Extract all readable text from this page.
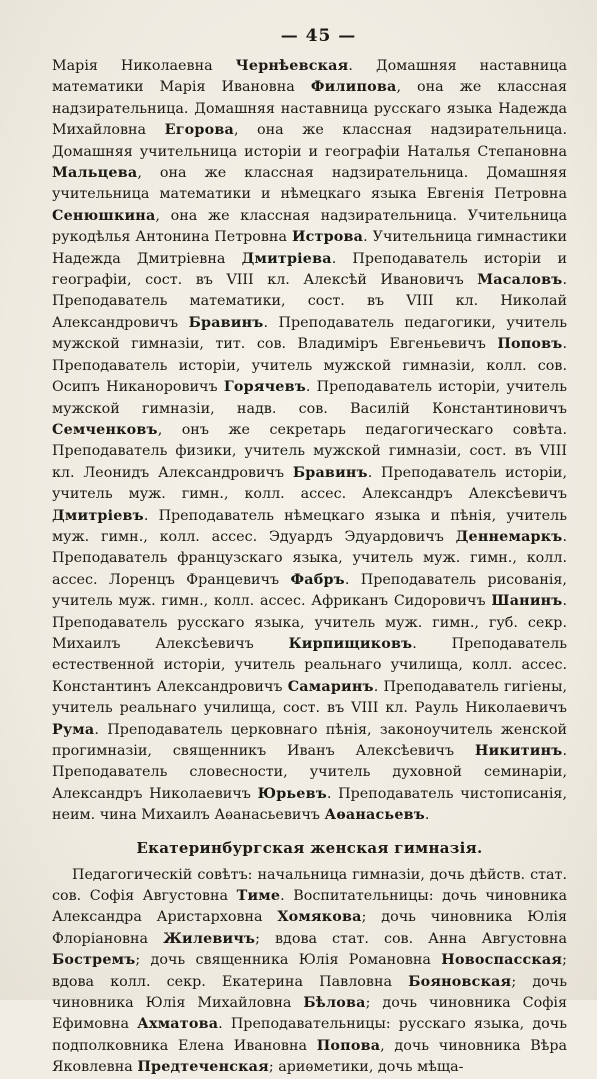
— 45 —

Марія Николаевна Чернѣевская. Домашняя наставница математики Марія Ивановна Филипова, она же классная надзирательница. Домашняя наставница русскаго языка Надежда Михайловна Егорова, она же классная надзирательница. Домашняя учительница исторіи и географіи Наталья Степановна Мальцева, она же классная надзирательница. Домашняя учительница математики и нѣмецкаго языка Евгенія Петровна Сенюшкина, она же классная надзирательница. Учительница рукодѣлья Антонина Петровна Истрова. Учительница гимнастики Надежда Дмитріевна Дмитріева. Преподаватель исторіи и географіи, сост. въ VIII кл. Алексѣй Ивановичъ Масаловъ. Преподаватель математики, сост. въ VIII кл. Николай Александровичъ Бравинъ. Преподаватель педагогики, учитель мужской гимназіи, тит. сов. Владиміръ Евгеньевичъ Поповъ. Преподаватель исторіи, учитель мужской гимназіи, колл. сов. Осипъ Никаноровичъ Горячевъ. Преподаватель исторіи, учитель мужской гимназіи, надв. сов. Василій Константиновичъ Семченковъ, онъ же секретарь педагогическаго совѣта. Преподаватель физики, учитель мужской гимназіи, сост. въ VIII кл. Леонидъ Александровичъ Бравинъ. Преподаватель исторіи, учитель муж. гимн., колл. ассес. Александръ Алексѣевичъ Дмитріевъ. Преподаватель нѣмецкаго языка и пѣнія, учитель муж. гимн., колл. ассес. Эдуардъ Эдуардовичъ Деннемаркъ. Преподаватель французскаго языка, учитель муж. гимн., колл. ассес. Лоренцъ Францевичъ Фабръ. Преподаватель рисованія, учитель муж. гимн., колл. ассес. Африканъ Сидоровичъ Шанинъ. Преподаватель русскаго языка, учитель муж. гимн., губ. секр. Михаилъ Алексѣевичъ Кирпищиковъ. Преподаватель естественной исторіи, учитель реальнаго училища, колл. ассес. Константинъ Александровичъ Самаринъ. Преподаватель гигіены, учитель реальнаго училища, сост. въ VIII кл. Рауль Николаевичъ Рума. Преподаватель церковнаго пѣнія, законоучитель женской прогимназіи, священникъ Иванъ Алексѣевичъ Никитинъ. Преподаватель словесности, учитель духовной семинаріи, Александръ Николаевичъ Юрьевъ. Преподаватель чистописанія, неим. чина Михаилъ Аѳанасьевичъ Аѳанасьевъ.

Екатеринбургская женская гимназія.

Педагогическій совѣтъ: начальница гимназіи, дочь дѣйств. стат. сов. Софія Августовна Тиме. Воспитательницы: дочь чиновника Александра Аристарховна Хомякова; дочь чиновника Юлія Флоріановна Жилевичъ; вдова стат. сов. Анна Августовна Бостремъ; дочь священника Юлія Романовна Новоспасская; вдова колл. секр. Екатерина Павловна Бояновская; дочь чиновника Юлія Михайловна Бѣлова; дочь чиновника Софія Ефимовна Ахматова. Преподавательницы: русскаго языка, дочь подполковника Елена Ивановна Попова, дочь чиновника Вѣра Яковлевна Предтеченская; ариѳметики, дочь мѣща-
